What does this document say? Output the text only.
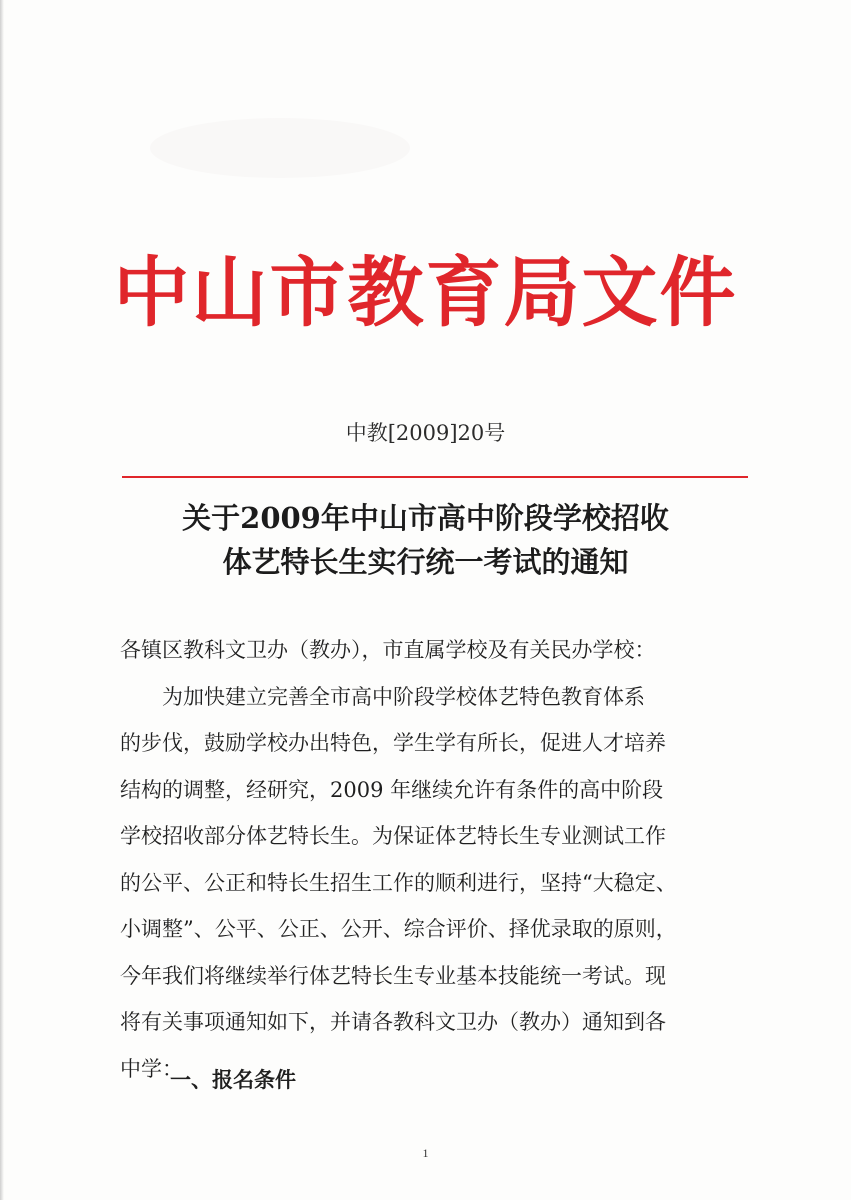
中山市教育局文件
中教[2009]20号
关于2009年中山市高中阶段学校招收
体艺特长生实行统一考试的通知
各镇区教科文卫办（教办），市直属学校及有关民办学校：
为加快建立完善全市高中阶段学校体艺特色教育体系
的步伐，鼓励学校办出特色，学生学有所长，促进人才培养
结构的调整，经研究，2009 年继续允许有条件的高中阶段
学校招收部分体艺特长生。为保证体艺特长生专业测试工作
的公平、公正和特长生招生工作的顺利进行，坚持“大稳定、
小调整”、公平、公正、公开、综合评价、择优录取的原则，
今年我们将继续举行体艺特长生专业基本技能统一考试。现
将有关事项通知如下，并请各教科文卫办（教办）通知到各
中学：
一、报名条件
1
